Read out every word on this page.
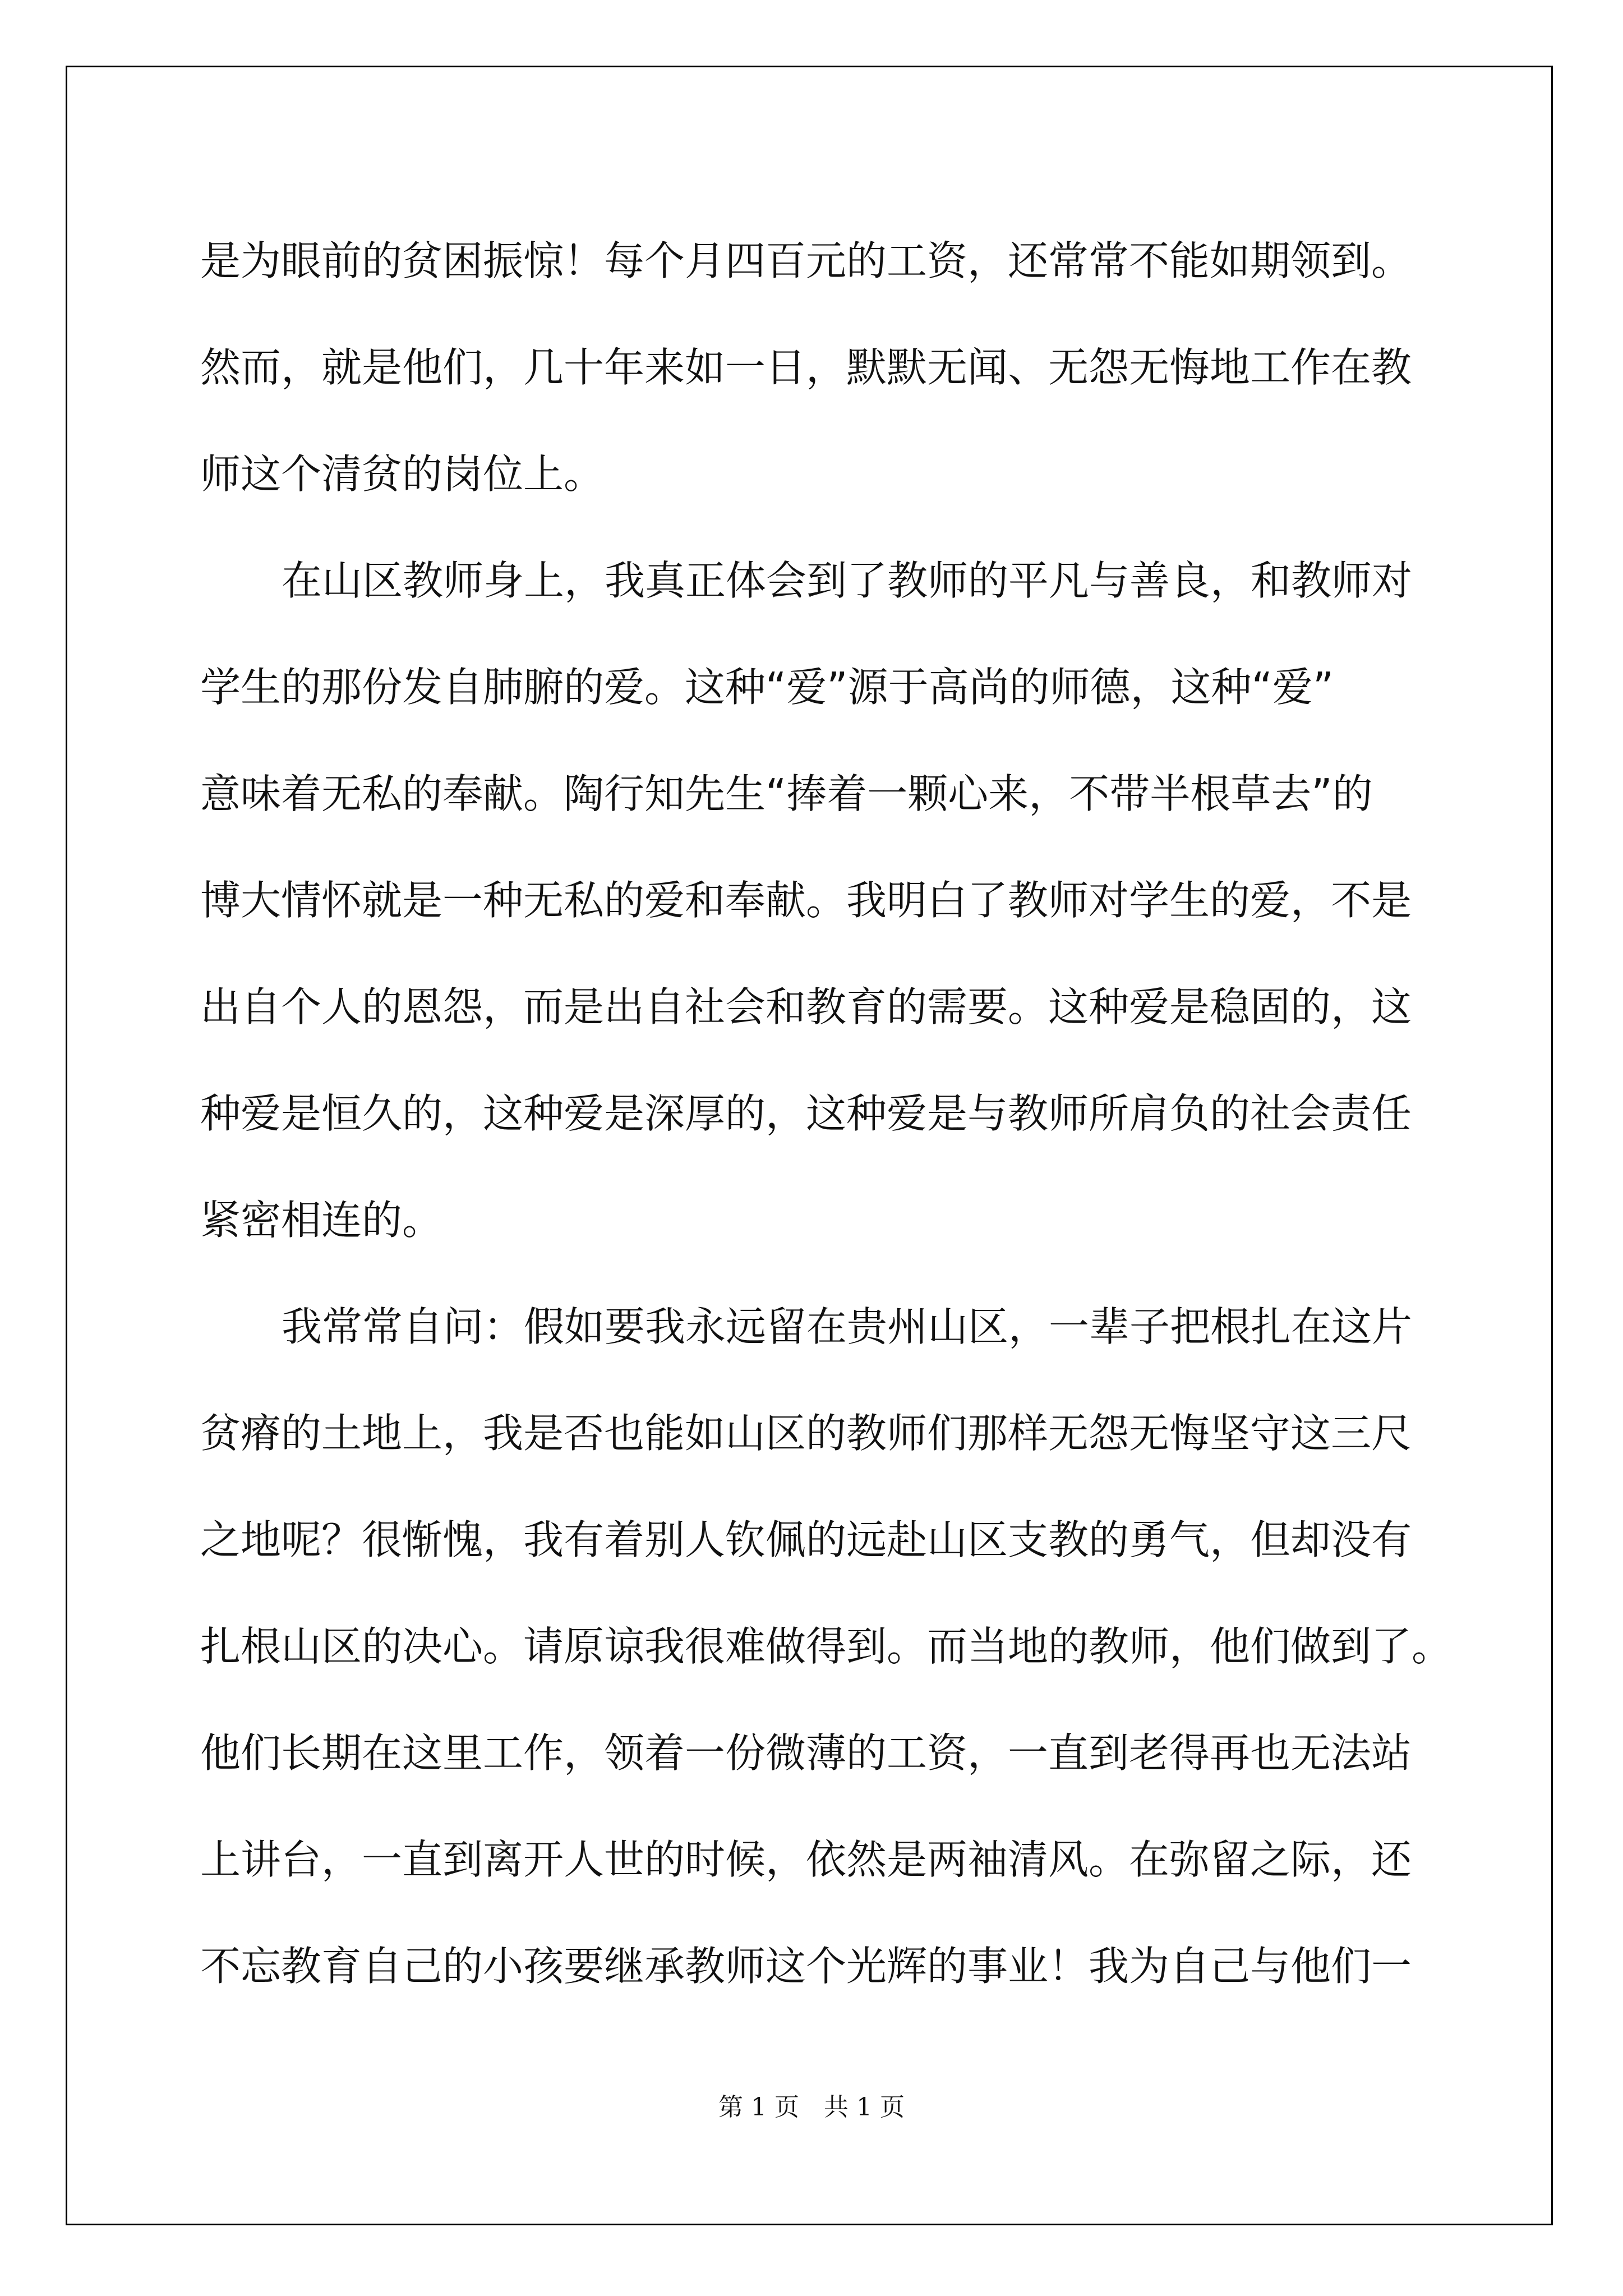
是为眼前的贫困振惊！每个月四百元的工资，还常常不能如期领到。
然而，就是他们，几十年来如一日，默默无闻、无怨无悔地工作在教
师这个清贫的岗位上。
在山区教师身上，我真正体会到了教师的平凡与善良，和教师对
学生的那份发自肺腑的爱。这种“爱”源于高尚的师德，这种“爱”
意味着无私的奉献。陶行知先生“捧着一颗心来，不带半根草去”的
博大情怀就是一种无私的爱和奉献。我明白了教师对学生的爱，不是
出自个人的恩怨，而是出自社会和教育的需要。这种爱是稳固的，这
种爱是恒久的，这种爱是深厚的，这种爱是与教师所肩负的社会责任
紧密相连的。
我常常自问：假如要我永远留在贵州山区，一辈子把根扎在这片
贫瘠的土地上，我是否也能如山区的教师们那样无怨无悔坚守这三尺
之地呢？很惭愧，我有着别人钦佩的远赴山区支教的勇气，但却没有
扎根山区的决心。请原谅我很难做得到。而当地的教师，他们做到了。
他们长期在这里工作，领着一份微薄的工资，一直到老得再也无法站
上讲台，一直到离开人世的时候，依然是两袖清风。在弥留之际，还
不忘教育自己的小孩要继承教师这个光辉的事业！我为自己与他们一
第 1 页　共 1 页
